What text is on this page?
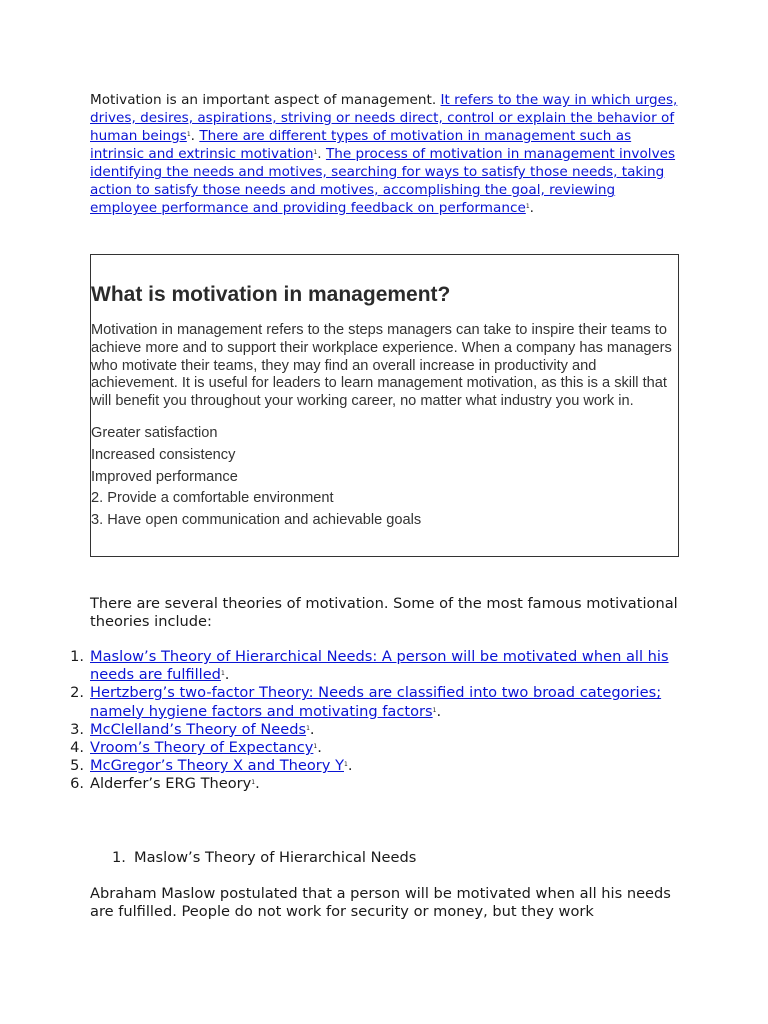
Motivation is an important aspect of management. It refers to the way in which urges, drives, desires, aspirations, striving or needs direct, control or explain the behavior of human beings$^1$. There are different types of motivation in management such as intrinsic and extrinsic motivation$^1$. The process of motivation in management involves identifying the needs and motives, searching for ways to satisfy those needs, taking action to satisfy those needs and motives, accomplishing the goal, reviewing employee performance and providing feedback on performance$^1$.

What is motivation in management?

Motivation in management refers to the steps managers can take to inspire their teams to achieve more and to support their workplace experience. When a company has managers who motivate their teams, they may find an overall increase in productivity and achievement. It is useful for leaders to learn management motivation, as this is a skill that will benefit you throughout your working career, no matter what industry you work in.

Greater satisfaction
Increased consistency
Improved performance
2. Provide a comfortable environment
3. Have open communication and achievable goals

There are several theories of motivation. Some of the most famous motivational theories include:

1. Maslow’s Theory of Hierarchical Needs: A person will be motivated when all his needs are fulfilled$^1$.
2. Hertzberg’s two-factor Theory: Needs are classified into two broad categories; namely hygiene factors and motivating factors$^1$.
3. McClelland’s Theory of Needs$^1$.
4. Vroom’s Theory of Expectancy$^1$.
5. McGregor’s Theory X and Theory $Y^1$.
6. Alderfer’s ERG Theory$^1$.
1. Maslow’s Theory of Hierarchical Needs

Abraham Maslow postulated that a person will be motivated when all his needs are fulfilled. People do not work for security or money, but they work
